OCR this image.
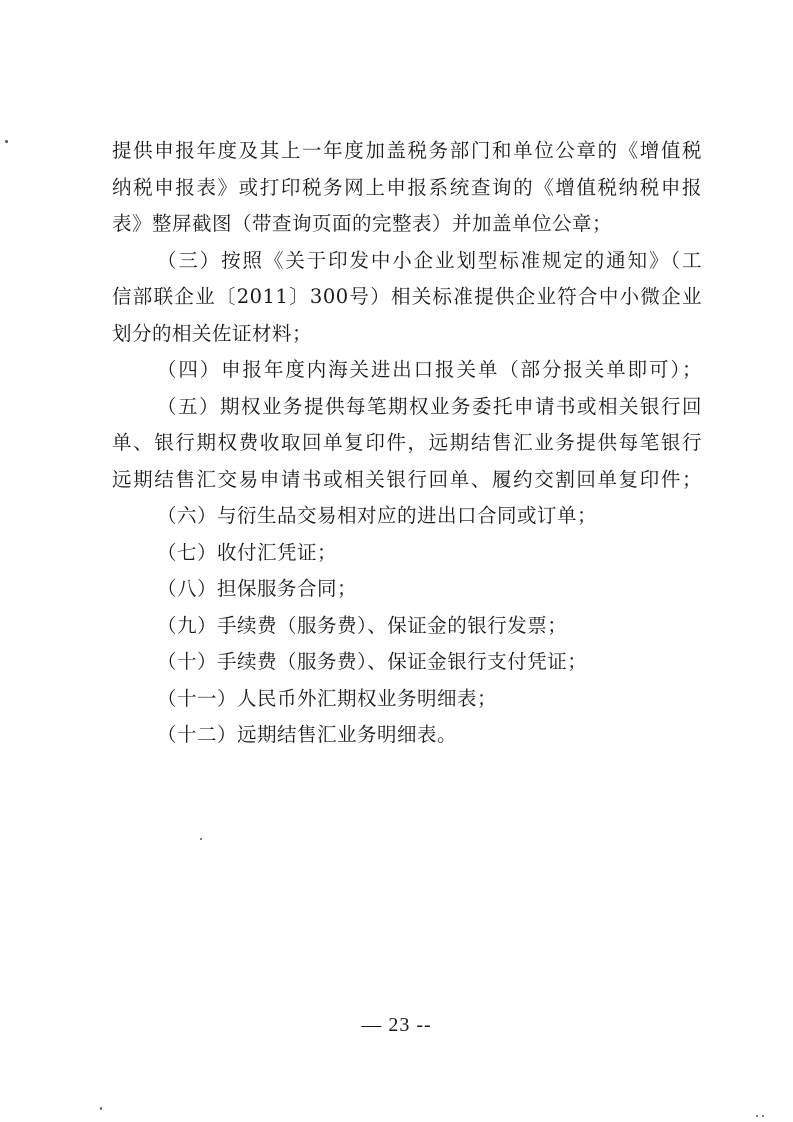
提供申报年度及其上一年度加盖税务部门和单位公章的《增值税
纳税申报表》或打印税务网上申报系统查询的《增值税纳税申报
表》整屏截图（带查询页面的完整表）并加盖单位公章；
（三）按照《关于印发中小企业划型标准规定的通知》（工
信部联企业〔2011〕300号）相关标准提供企业符合中小微企业
划分的相关佐证材料；
（四）申报年度内海关进出口报关单（部分报关单即可）；
（五）期权业务提供每笔期权业务委托申请书或相关银行回
单、银行期权费收取回单复印件，远期结售汇业务提供每笔银行
远期结售汇交易申请书或相关银行回单、履约交割回单复印件；
（六）与衍生品交易相对应的进出口合同或订单；
（七）收付汇凭证；
（八）担保服务合同；
（九）手续费（服务费）、保证金的银行发票；
（十）手续费（服务费）、保证金银行支付凭证；
（十一）人民币外汇期权业务明细表；
（十二）远期结售汇业务明细表。
— 23 --
